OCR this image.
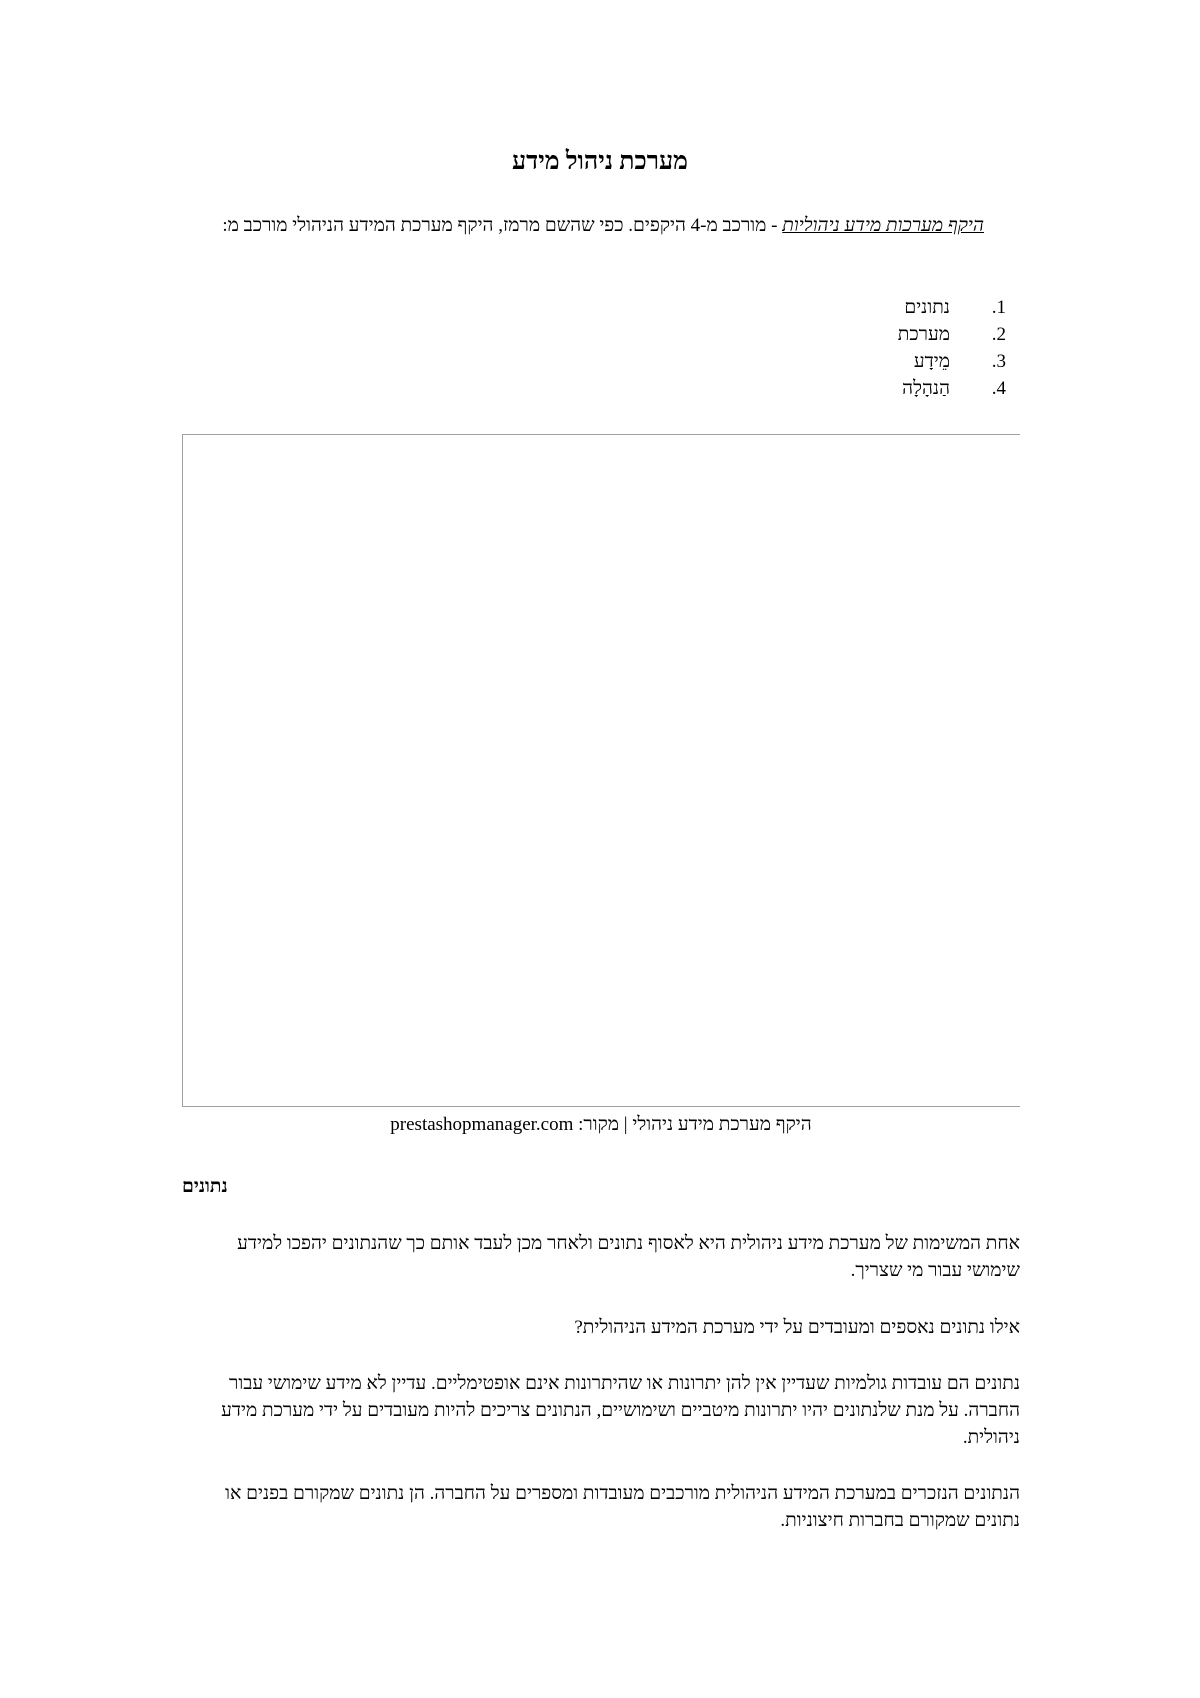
מערכת ניהול מידע
היקף מערכות מידע ניהוליות - מורכב מ-4 היקפים. כפי שהשם מרמז, היקף מערכת המידע הניהולי מורכב מ:
1.
נתונים
2.
מערכת
3.
מֵידָע
4.
הַנהָלָה
היקף מערכת מידע ניהולי | מקור: prestashopmanager.com
נתונים

אחת המשימות של מערכת מידע ניהולית היא לאסוף נתונים ולאחר מכן לעבד אותם כך שהנתונים יהפכו למידע שימושי עבור מי שצריך.

אילו נתונים נאספים ומעובדים על ידי מערכת המידע הניהולית?

נתונים הם עובדות גולמיות שעדיין אין להן יתרונות או שהיתרונות אינם אופטימליים. עדיין לא מידע שימושי עבור החברה. על מנת שלנתונים יהיו יתרונות מיטביים ושימושיים, הנתונים צריכים להיות מעובדים על ידי מערכת מידע ניהולית.

הנתונים הנזכרים במערכת המידע הניהולית מורכבים מעובדות ומספרים על החברה. הן נתונים שמקורם בפנים או נתונים שמקורם בחברות חיצוניות.
